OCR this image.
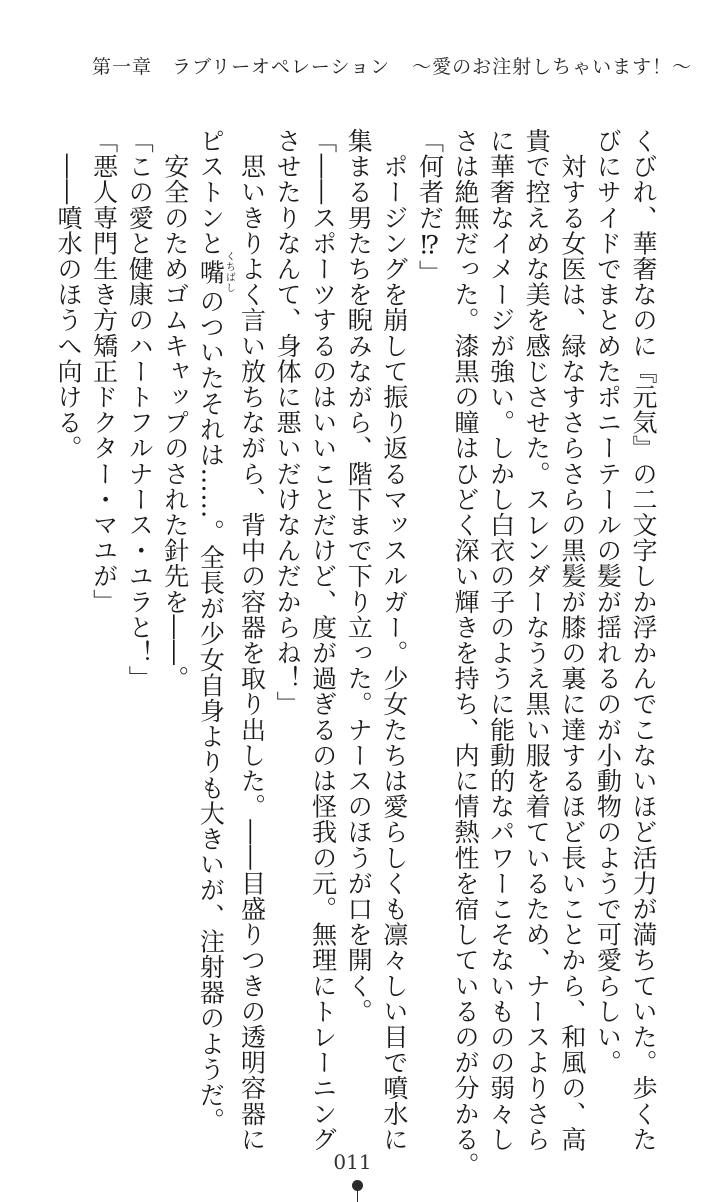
第一章　ラブリーオペレーション ～愛のお注射しちゃいます！～

くびれ、華奢なのに『元気』の二文字しか浮かんでこないほど活力が満ちていた。歩くた

びにサイドでまとめたポニーテールの髪が揺れるのが小動物のようで可愛らしい。

　対する女医は、緑なすさらさらの黒髪が膝の裏に達するほど長いことから、和風の、高

貴で控えめな美を感じさせた。スレンダーなうえ黒い服を着ているため、ナースよりさら

に華奢なイメージが強い。しかし白衣の子のように能動的なパワーこそないものの弱々し

さは絶無だった。漆黒の瞳はひどく深い輝きを持ち、内に情熱性を宿しているのが分かる。

「何者だ⁉」

　ポージングを崩して振り返るマッスルガー。少女たちは愛らしくも凛々しい目で噴水に

集まる男たちを睨みながら、階下まで下り立った。ナースのほうが口を開く。

「――スポーツするのはいいことだけど、度が過ぎるのは怪我の元。無理にトレーニング

させたりなんて、身体に悪いだけなんだからね！」

　思いきりよく言い放ちながら、背中の容器を取り出した。――目盛りつきの透明容器に

ピストンと嘴くちばしのついたそれは……。全長が少女自身よりも大きいが、注射器のようだ。

　安全のためゴムキャップのされた針先を――。

「この愛と健康のハートフルナース・ユラと！」

「悪人専門生き方矯正ドクター・マユが」

　――噴水のほうへ向ける。

011
